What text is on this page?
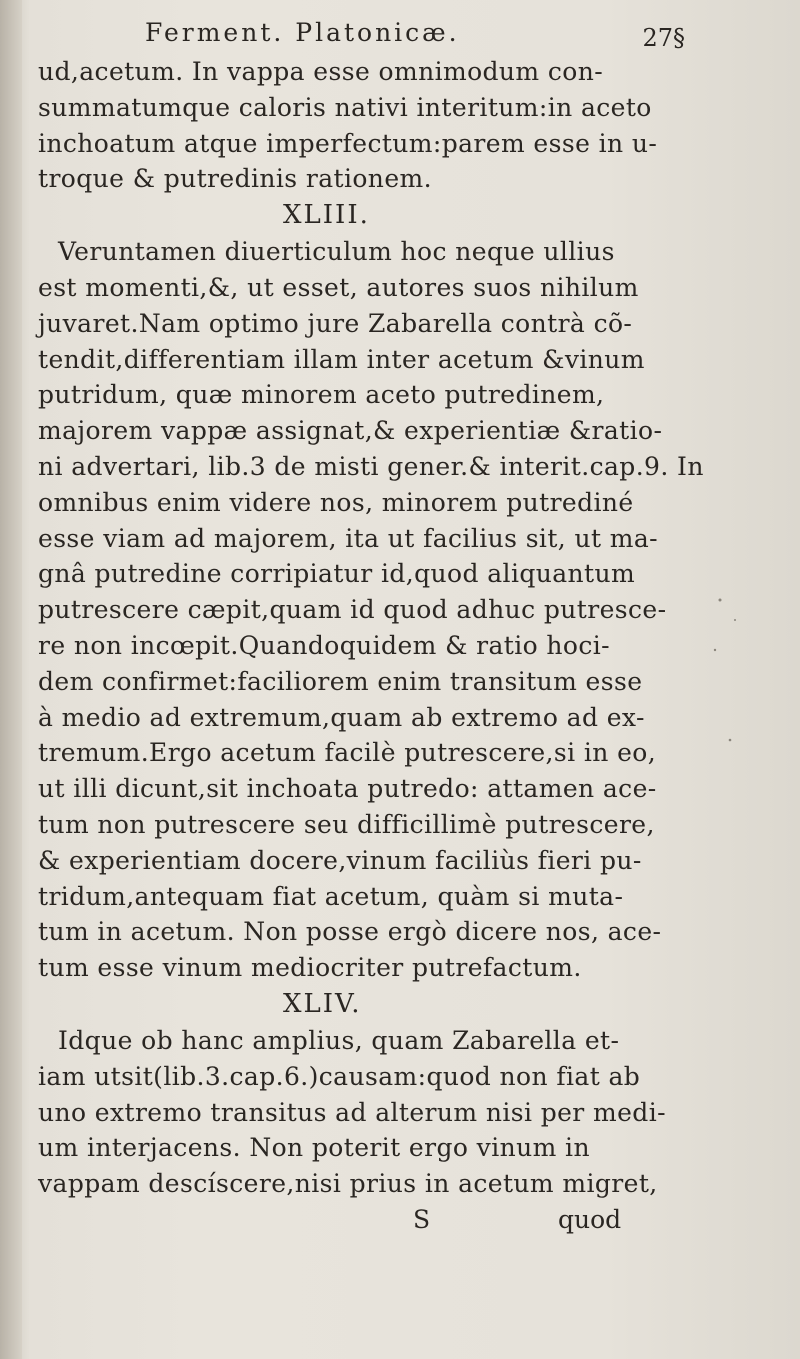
Ferment. Platonicæ.	27§
ud,acetum. In vappa esse omnimodum con-
summatumque caloris nativi interitum:in aceto
inchoatum atque imperfectum:parem esse in u-
troque & putredinis rationem.
XLIII.
Veruntamen diuerticulum hoc neque ullius
est momenti,&, ut esset, autores suos nihilum
juvaret.Nam optimo jure Zabarella contrà cõ-
tendit,differentiam illam inter acetum &vinum
putridum, quæ minorem aceto putredinem,
majorem vappæ assignat,& experientiæ &ratio-
ni advertari, lib.3 de misti gener.& interit.cap.9. In
omnibus enim videre nos, minorem putrediné
esse viam ad majorem, ita ut facilius sit, ut ma-
gnâ putredine corripiatur id,quod aliquantum
putrescere cæpit,quam id quod adhuc putresce-
re non incœpit.Quandoquidem & ratio hoci-
dem confirmet:faciliorem enim transitum esse
à medio ad extremum,quam ab extremo ad ex-
tremum.Ergo acetum facilè putrescere,si in eo,
ut illi dicunt,sit inchoata putredo: attamen ace-
tum non putrescere seu difficillimè putrescere,
& experientiam docere,vinum faciliùs fieri pu-
tridum,antequam fiat acetum, quàm si muta-
tum in acetum. Non posse ergò dicere nos, ace-
tum esse vinum mediocriter putrefactum.
XLIV.
Idque ob hanc amplius, quam Zabarella et-
iam utsit(lib.3.cap.6.)causam:quod non fiat ab
uno extremo transitus ad alterum nisi per medi-
um interjacens. Non poterit ergo vinum in
vappam descíscere,nisi prius in acetum migret,
S	quod
